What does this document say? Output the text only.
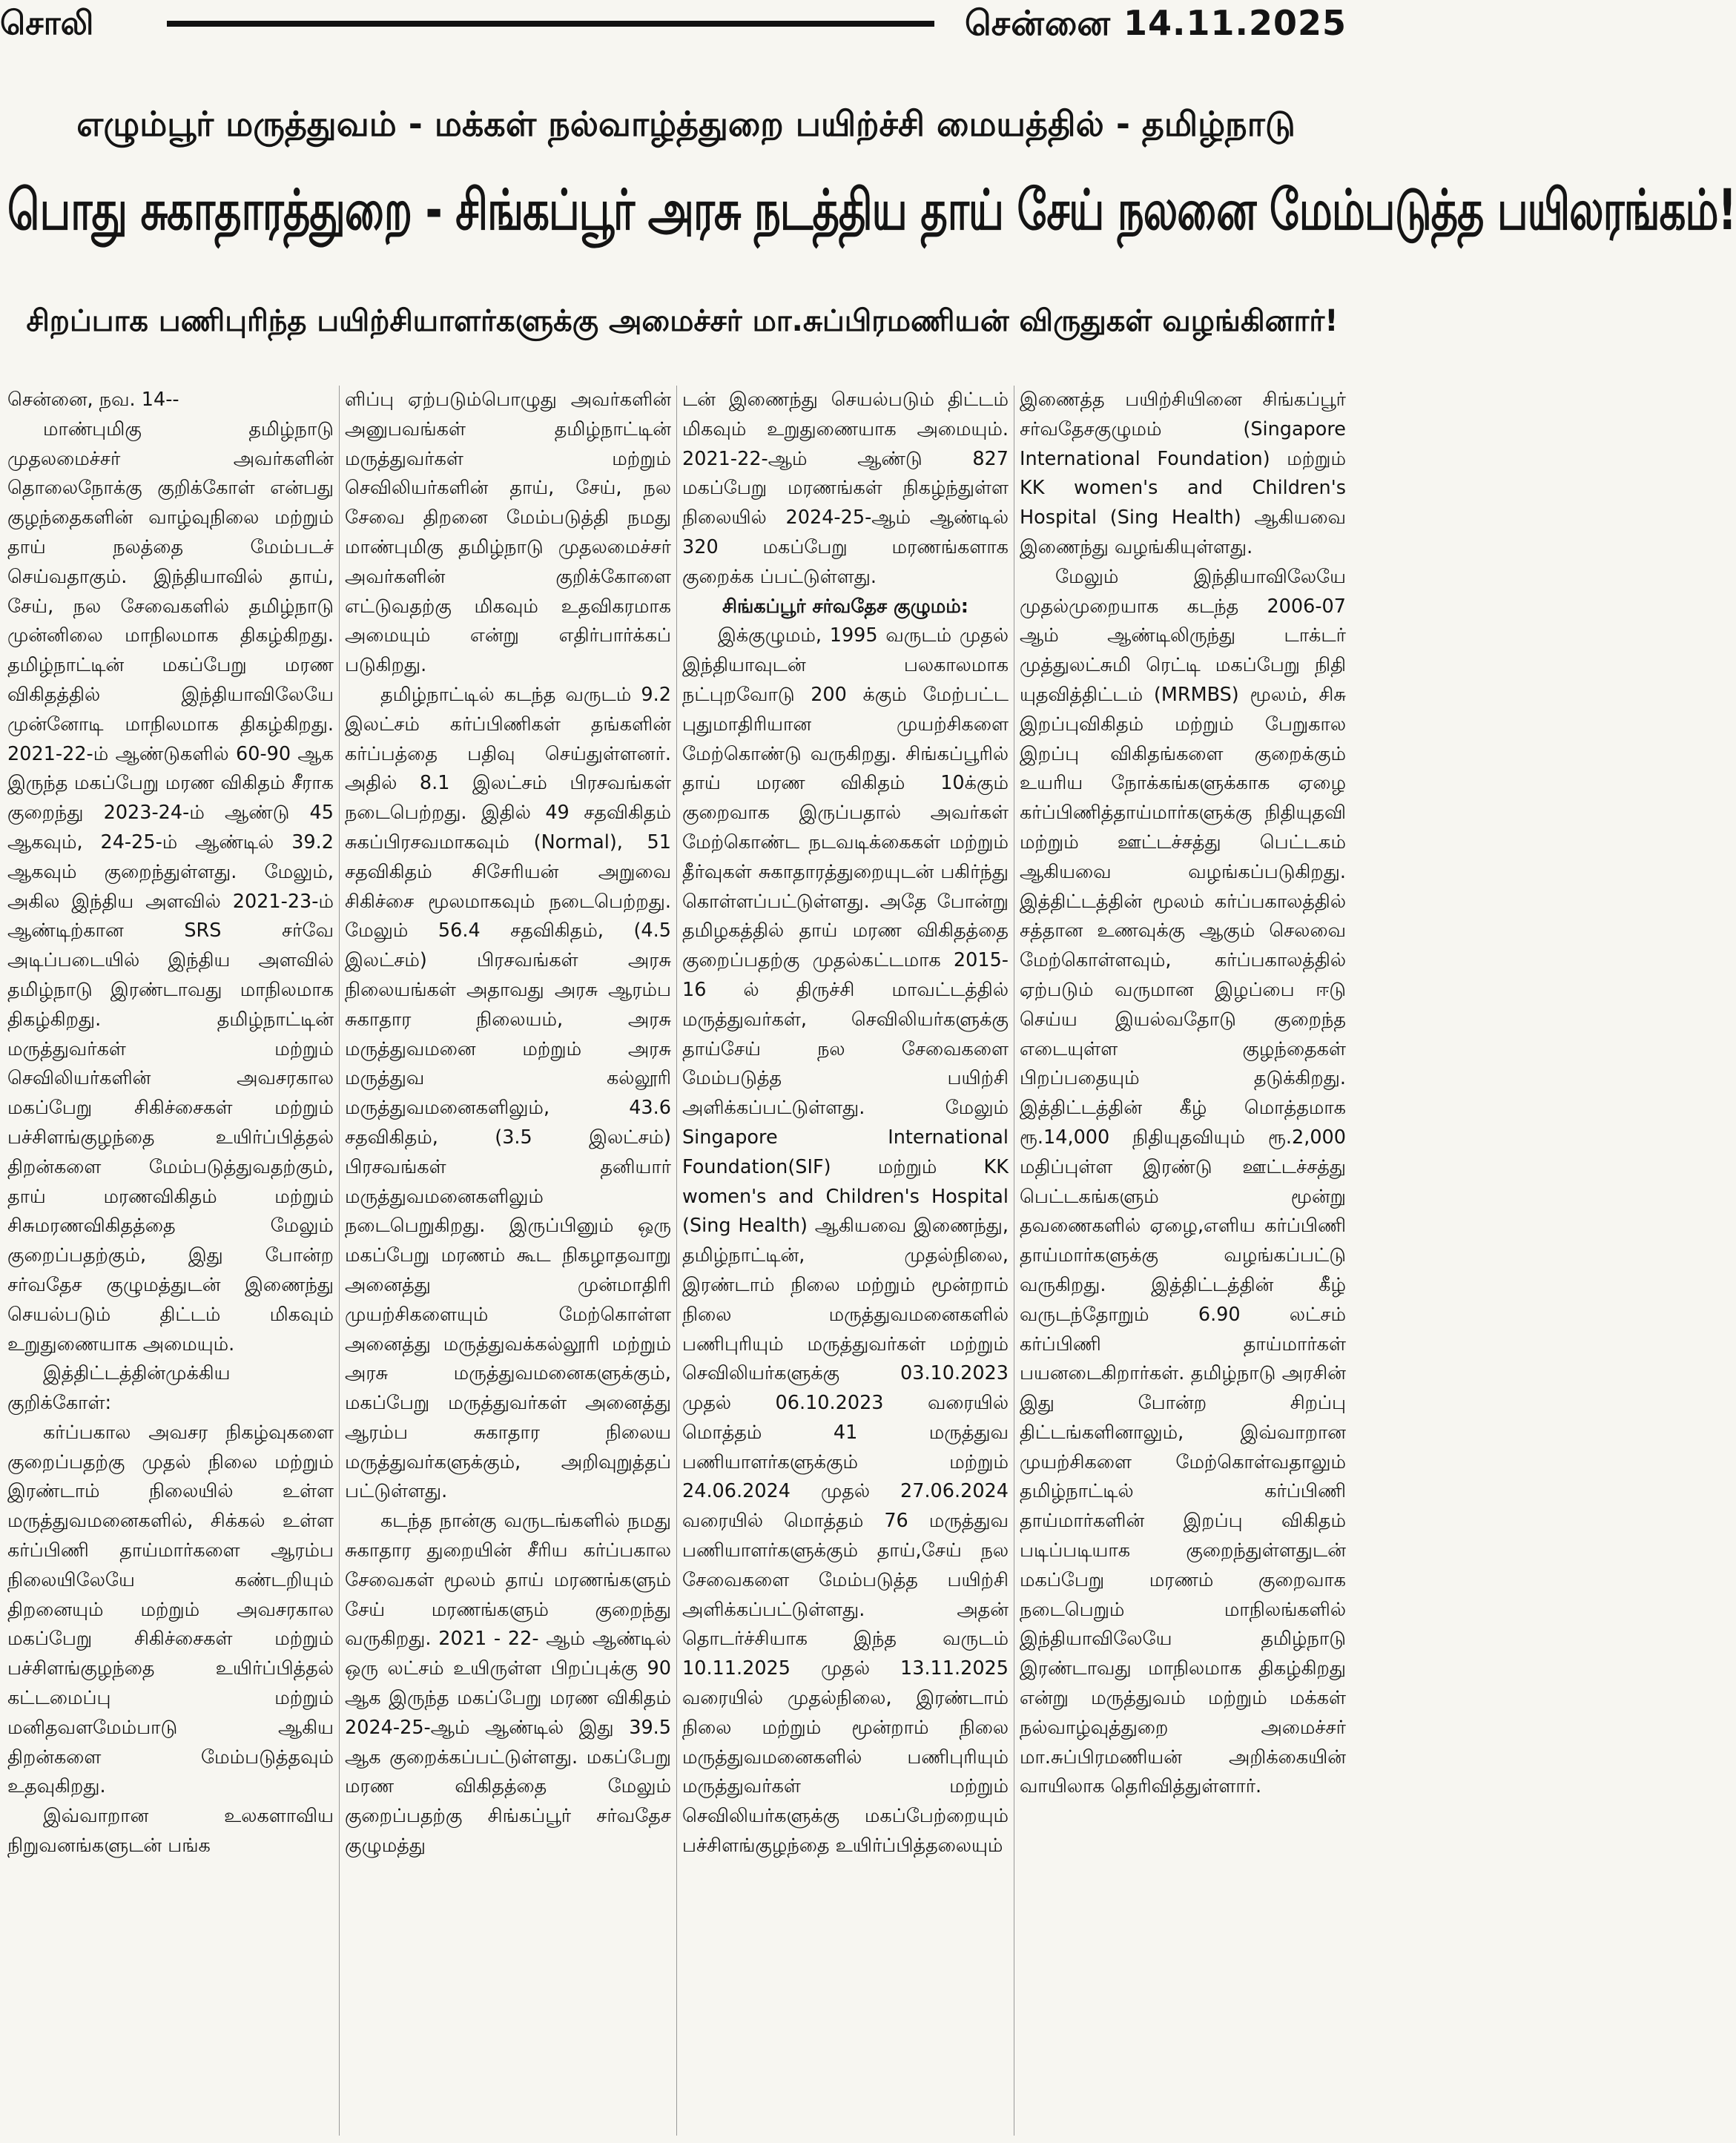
சொலி	சென்னை 14.11.2025
எழும்பூர் மருத்துவம் - மக்கள் நல்வாழ்த்துறை பயிற்ச்சி மையத்தில் - தமிழ்நாடு
பொது சுகாதாரத்துறை - சிங்கப்பூர் அரசு நடத்திய தாய் சேய் நலனை மேம்படுத்த பயிலரங்கம்!
சிறப்பாக பணிபுரிந்த பயிற்சியாளர்களுக்கு அமைச்சர் மா.சுப்பிரமணியன் விருதுகள் வழங்கினார்!

சென்னை, நவ. 14--

மாண்புமிகு தமிழ்நாடு முதலமைச்சர் அவர்களின் தொலைநோக்கு குறிக்கோள் என்பது குழந்தைகளின் வாழ்வுநிலை மற்றும் தாய் நலத்தை மேம்படச் செய்வதாகும். இந்தியாவில் தாய், சேய், நல சேவைகளில் தமிழ்நாடு முன்னிலை மாநிலமாக திகழ்கிறது. தமிழ்நாட்டின் மகப்பேறு மரண விகிதத்தில் இந்தியாவிலேயே முன்னோடி மாநிலமாக திகழ்கிறது. 2021-22-ம் ஆண்டுகளில் 60-90 ஆக இருந்த மகப்பேறு மரண விகிதம் சீராக குறைந்து 2023-24-ம் ஆண்டு 45 ஆகவும், 24-25-ம் ஆண்டில் 39.2 ஆகவும் குறைந்துள்ளது. மேலும், அகில இந்திய அளவில் 2021-23-ம் ஆண்டிற்கான SRS சர்வே அடிப்படையில் இந்திய அளவில் தமிழ்நாடு இரண்டாவது மாநிலமாக திகழ்கிறது. தமிழ்நாட்டின் மருத்துவர்கள் மற்றும் செவிலியர்களின் அவசரகால மகப்பேறு சிகிச்சைகள் மற்றும் பச்சிளங்குழந்தை உயிர்ப்பித்தல் திறன்களை மேம்படுத்துவதற்கும், தாய் மரணவிகிதம் மற்றும் சிசுமரணவிகிதத்தை மேலும் குறைப்பதற்கும், இது போன்ற சர்வதேச குழுமத்துடன் இணைந்து செயல்படும் திட்டம் மிகவும் உறுதுணையாக அமையும்.

இத்திட்டத்தின்முக்கிய குறிக்கோள்:

கர்ப்பகால அவசர நிகழ்வுகளை குறைப்பதற்கு முதல் நிலை மற்றும் இரண்டாம் நிலையில் உள்ள மருத்துவமனைகளில், சிக்கல் உள்ள கர்ப்பிணி தாய்மார்களை ஆரம்ப நிலையிலேயே கண்டறியும் திறனையும் மற்றும் அவசரகால மகப்பேறு சிகிச்சைகள் மற்றும் பச்சிளங்குழந்தை உயிர்ப்பித்தல் கட்டமைப்பு மற்றும் மனிதவளமேம்பாடு ஆகிய திறன்களை மேம்படுத்தவும் உதவுகிறது.

இவ்வாறான உலகளாவிய நிறுவனங்களுடன் பங்க

ளிப்பு ஏற்படும்பொழுது அவர்களின் அனுபவங்கள் தமிழ்நாட்டின் மருத்துவர்கள் மற்றும் செவிலியர்களின் தாய், சேய், நல சேவை திறனை மேம்படுத்தி நமது மாண்புமிகு தமிழ்நாடு முதலமைச்சர் அவர்களின் குறிக்கோளை எட்டுவதற்கு மிகவும் உதவிகரமாக அமையும் என்று எதிர்பார்க்கப் படுகிறது.

தமிழ்நாட்டில் கடந்த வருடம் 9.2 இலட்சம் கர்ப்பிணிகள் தங்களின் கர்ப்பத்தை பதிவு செய்துள்ளனர். அதில் 8.1 இலட்சம் பிரசவங்கள் நடைபெற்றது. இதில் 49 சதவிகிதம் சுகப்பிரசவமாகவும் (Normal), 51 சதவிகிதம் சிசேரியன் அறுவை சிகிச்சை மூலமாகவும் நடைபெற்றது. மேலும் 56.4 சதவிகிதம், (4.5 இலட்சம்) பிரசவங்கள் அரசு நிலையங்கள் அதாவது அரசு ஆரம்ப சுகாதார நிலையம், அரசு மருத்துவமனை மற்றும் அரசு மருத்துவ கல்லூரி மருத்துவமனைகளிலும், 43.6 சதவிகிதம், (3.5 இலட்சம்) பிரசவங்கள் தனியார் மருத்துவமனைகளிலும் நடைபெறுகிறது. இருப்பினும் ஒரு மகப்பேறு மரணம் கூட நிகழாதவாறு அனைத்து முன்மாதிரி முயற்சிகளையும் மேற்கொள்ள அனைத்து மருத்துவக்கல்லூரி மற்றும் அரசு மருத்துவமனைகளுக்கும், மகப்பேறு மருத்துவர்கள் அனைத்து ஆரம்ப சுகாதார நிலைய மருத்துவர்களுக்கும், அறிவுறுத்தப் பட்டுள்ளது.

கடந்த நான்கு வருடங்களில் நமது சுகாதார துறையின் சீரிய கர்ப்பகால சேவைகள் மூலம் தாய் மரணங்களும் சேய் மரணங்களும் குறைந்து வருகிறது. 2021 - 22- ஆம் ஆண்டில் ஒரு லட்சம் உயிருள்ள பிறப்புக்கு 90 ஆக இருந்த மகப்பேறு மரண விகிதம் 2024-25-ஆம் ஆண்டில் இது 39.5 ஆக குறைக்கப்பட்டுள்ளது. மகப்பேறு மரண விகிதத்தை மேலும் குறைப்பதற்கு சிங்கப்பூர் சர்வதேச குழுமத்து

டன் இணைந்து செயல்படும் திட்டம் மிகவும் உறுதுணையாக அமையும். 2021-22-ஆம் ஆண்டு 827 மகப்பேறு மரணங்கள் நிகழ்ந்துள்ள நிலையில் 2024-25-ஆம் ஆண்டில் 320 மகப்பேறு மரணங்களாக குறைக்க ப்பட்டுள்ளது.

சிங்கப்பூர் சர்வதேச குழுமம்:

இக்குழுமம், 1995 வருடம் முதல் இந்தியாவுடன் பலகாலமாக நட்புறவோடு 200 க்கும் மேற்பட்ட புதுமாதிரியான முயற்சிகளை மேற்கொண்டு வருகிறது. சிங்கப்பூரில் தாய் மரண விகிதம் 10க்கும் குறைவாக இருப்பதால் அவர்கள் மேற்கொண்ட நடவடிக்கைகள் மற்றும் தீர்வுகள் சுகாதாரத்துறையுடன் பகிர்ந்து கொள்ளப்பட்டுள்ளது. அதே போன்று தமிழகத்தில் தாய் மரண விகிதத்தை குறைப்பதற்கு முதல்கட்டமாக 2015-16 ல் திருச்சி மாவட்டத்தில் மருத்துவர்கள், செவிலியர்களுக்கு தாய்சேய் நல சேவைகளை மேம்படுத்த பயிற்சி அளிக்கப்பட்டுள்ளது. மேலும் Singapore International Foundation(SIF) மற்றும் KK women's and Children's Hospital (Sing Health) ஆகியவை இணைந்து, தமிழ்நாட்டின், முதல்நிலை, இரண்டாம் நிலை மற்றும் மூன்றாம் நிலை மருத்துவமனைகளில் பணிபுரியும் மருத்துவர்கள் மற்றும் செவிலியர்களுக்கு 03.10.2023 முதல் 06.10.2023 வரையில் மொத்தம் 41 மருத்துவ பணியாளர்களுக்கும் மற்றும் 24.06.2024 முதல் 27.06.2024 வரையில் மொத்தம் 76 மருத்துவ பணியாளர்களுக்கும் தாய்,சேய் நல சேவைகளை மேம்படுத்த பயிற்சி அளிக்கப்பட்டுள்ளது. அதன் தொடர்ச்சியாக இந்த வருடம் 10.11.2025 முதல் 13.11.2025 வரையில் முதல்நிலை, இரண்டாம் நிலை மற்றும் மூன்றாம் நிலை மருத்துவமனைகளில் பணிபுரியும் மருத்துவர்கள் மற்றும் செவிலியர்களுக்கு மகப்பேற்றையும் பச்சிளங்குழந்தை உயிர்ப்பித்தலையும்

இணைத்த பயிற்சியினை சிங்கப்பூர் சர்வதேசகுழுமம் (Singapore International Foundation) மற்றும் KK women's and Children's Hospital (Sing Health) ஆகியவை இணைந்து வழங்கியுள்ளது.

மேலும் இந்தியாவிலேயே முதல்முறையாக கடந்த 2006-07 ஆம் ஆண்டிலிருந்து டாக்டர் முத்துலட்சுமி ரெட்டி மகப்பேறு நிதி யுதவித்திட்டம் (MRMBS) மூலம், சிசு இறப்புவிகிதம் மற்றும் பேறுகால இறப்பு விகிதங்களை குறைக்கும் உயரிய நோக்கங்களுக்காக ஏழை கர்ப்பிணித்தாய்மார்களுக்கு நிதியுதவி மற்றும் ஊட்டச்சத்து பெட்டகம் ஆகியவை வழங்கப்படுகிறது. இத்திட்டத்தின் மூலம் கர்ப்பகாலத்தில் சத்தான உணவுக்கு ஆகும் செலவை மேற்கொள்ளவும், கர்ப்பகாலத்தில் ஏற்படும் வருமான இழப்பை ஈடு செய்ய இயல்வதோடு குறைந்த எடையுள்ள குழந்தைகள் பிறப்பதையும் தடுக்கிறது. இத்திட்டத்தின் கீழ் மொத்தமாக ரூ.14,000 நிதியுதவியும் ரூ.2,000 மதிப்புள்ள இரண்டு ஊட்டச்சத்து பெட்டகங்களும் மூன்று தவணைகளில் ஏழை,எளிய கர்ப்பிணி தாய்மார்களுக்கு வழங்கப்பட்டு வருகிறது. இத்திட்டத்தின் கீழ் வருடந்தோறும் 6.90 லட்சம் கர்ப்பிணி தாய்மார்கள் பயனடைகிறார்கள். தமிழ்நாடு அரசின் இது போன்ற சிறப்பு திட்டங்களினாலும், இவ்வாறான முயற்சிகளை மேற்கொள்வதாலும் தமிழ்நாட்டில் கர்ப்பிணி தாய்மார்களின் இறப்பு விகிதம் படிப்படியாக குறைந்துள்ளதுடன் மகப்பேறு மரணம் குறைவாக நடைபெறும் மாநிலங்களில் இந்தியாவிலேயே தமிழ்நாடு இரண்டாவது மாநிலமாக திகழ்கிறது என்று மருத்துவம் மற்றும் மக்கள் நல்வாழ்வுத்துறை அமைச்சர் மா.சுப்பிரமணியன் அறிக்கையின் வாயிலாக தெரிவித்துள்ளார்.
